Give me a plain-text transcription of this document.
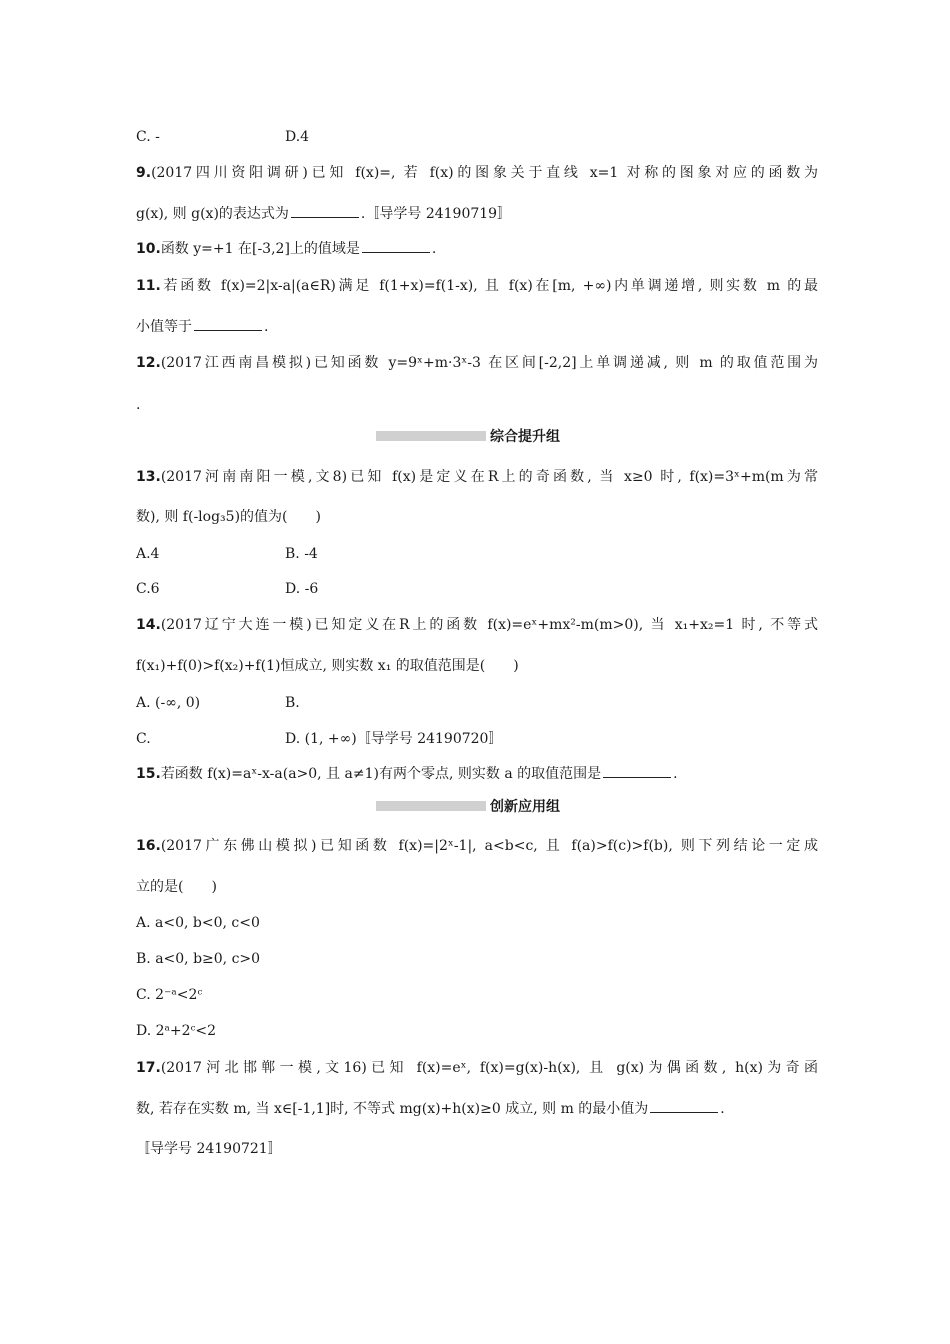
C. -	D.4
9.(2017四川资阳调研)已知 f(x)=, 若 f(x)的图象关于直线 x=1 对称的图象对应的函数为
g(x), 则 g(x)的表达式为	.〚导学号 24190719〛
10.函数 y=+1 在[-3,2]上的值域是	.
11.若函数 f(x)=2|x-a|(a∈R)满足 f(1+x)=f(1-x), 且 f(x)在[m, +∞)内单调递增, 则实数 m 的最
小值等于	.
12.(2017江西南昌模拟)已知函数 y=9ˣ+m·3ˣ-3 在区间[-2,2]上单调递减, 则 m 的取值范围为
.
综合提升组
13.(2017河南南阳一模,文8)已知 f(x)是定义在R上的奇函数, 当 x≥0 时, f(x)=3ˣ+m(m为常
数), 则 f(-log₃5)的值为(　　)
A.4	B. -4
C.6	D. -6
14.(2017辽宁大连一模)已知定义在R上的函数 f(x)=eˣ+mx²-m(m>0), 当 x₁+x₂=1 时, 不等式
f(x₁)+f(0)>f(x₂)+f(1)恒成立, 则实数 x₁ 的取值范围是(　　)
A. (-∞, 0)	B.
C.	D. (1, +∞)〚导学号 24190720〛
15.若函数 f(x)=aˣ-x-a(a>0, 且 a≠1)有两个零点, 则实数 a 的取值范围是	.
创新应用组
16.(2017广东佛山模拟)已知函数 f(x)=|2ˣ-1|, a<b<c, 且 f(a)>f(c)>f(b), 则下列结论一定成
立的是(　　)
A. a<0, b<0, c<0
B. a<0, b≥0, c>0
C. 2⁻ᵃ<2ᶜ
D. 2ᵃ+2ᶜ<2
17.(2017河北邯郸一模,文16)已知 f(x)=eˣ, f(x)=g(x)-h(x), 且 g(x)为偶函数, h(x)为奇函
数, 若存在实数 m, 当 x∈[-1,1]时, 不等式 mg(x)+h(x)≥0 成立, 则 m 的最小值为	.
〚导学号 24190721〛
